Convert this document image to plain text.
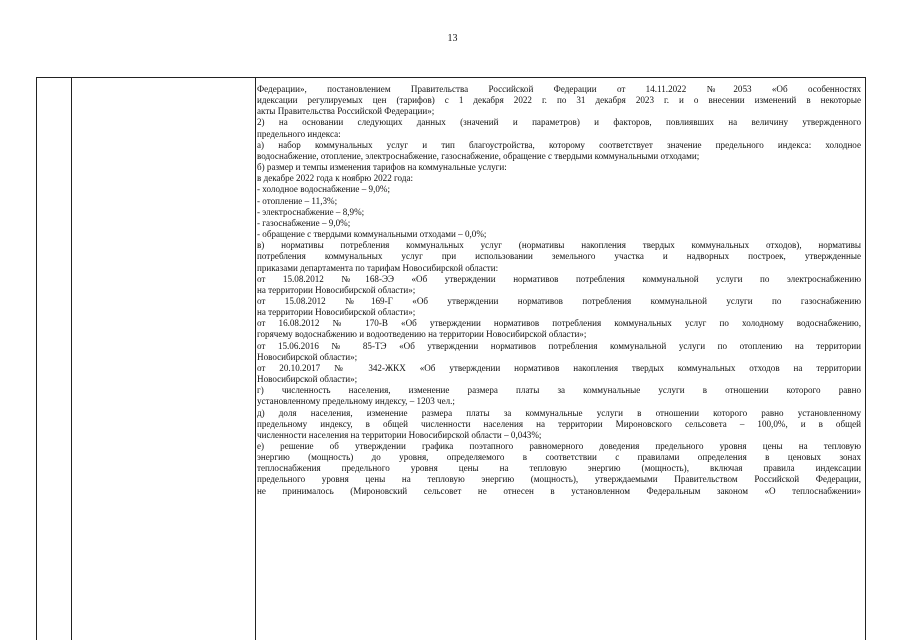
13
Федерации», постановлением Правительства Российской Федерации от 14.11.2022 №2053 «Об особенностях
идексации регулируемых цен (тарифов) с 1 декабря 2022 г. по 31 декабря 2023 г. и о внесении изменений в некоторые
акты Правительства Российской Федерации»;
2) на основании следующих данных (значений и параметров) и факторов, повлиявших на величину утвержденного
предельного индекса:
а) набор коммунальных услуг и тип благоустройства, которому соответствует значение предельного индекса: холодное
водоснабжение, отопление, электроснабжение, газоснабжение, обращение с твердыми коммунальными отходами;
б) размер и темпы изменения тарифов на коммунальные услуги:
в декабре 2022 года к ноябрю 2022 года:
- холодное водоснабжение – 9,0%;
- отопление – 11,3%;
- электроснабжение – 8,9%;
- газоснабжение – 9,0%;
- обращение с твердыми коммунальными отходами – 0,0%;
в) нормативы потребления коммунальных услуг (нормативы накопления твердых коммунальных отходов), нормативы
потребления коммунальных услуг при использовании земельного участка и надворных построек, утвержденные
приказами департамента по тарифам Новосибирской области:
от 15.08.2012 №168-ЭЭ «Об утверждении нормативов потребления коммунальной услуги по электроснабжению
на территории Новосибирской области»;
от 15.08.2012 №169-Г «Об утверждении нормативов потребления коммунальной услуги по газоснабжению
на территории Новосибирской области»;
от 16.08.2012 № 170-В «Об утверждении нормативов потребления коммунальных услуг по холодному водоснабжению,
горячему водоснабжению и водоотведению на территории Новосибирской области»;
от 15.06.2016 № 85-ТЭ «Об утверждении нормативов потребления коммунальной услуги по отоплению на территории
Новосибирской области»;
от 20.10.2017 № 342-ЖКХ «Об утверждении нормативов накопления твердых коммунальных отходов на территории
Новосибирской области»;
г) численность населения, изменение размера платы за коммунальные услуги в отношении которого равно
установленному предельному индексу, – 1203 чел.;
д) доля населения, изменение размера платы за коммунальные услуги в отношении которого равно установленному
предельному индексу, в общей численности населения на территории Мироновского сельсовета – 100,0%, и в общей
численности населения на территории Новосибирской области – 0,043%;
е) решение об утверждении графика поэтапного равномерного доведения предельного уровня цены на тепловую
энергию (мощность) до уровня, определяемого в соответствии с правилами определения в ценовых зонах
теплоснабжения предельного уровня цены на тепловую энергию (мощность), включая правила индексации
предельного уровня цены на тепловую энергию (мощность), утверждаемыми Правительством Российской Федерации,
не принималось (Мироновский сельсовет не отнесен в установленном Федеральным законом «О теплоснабжении»
